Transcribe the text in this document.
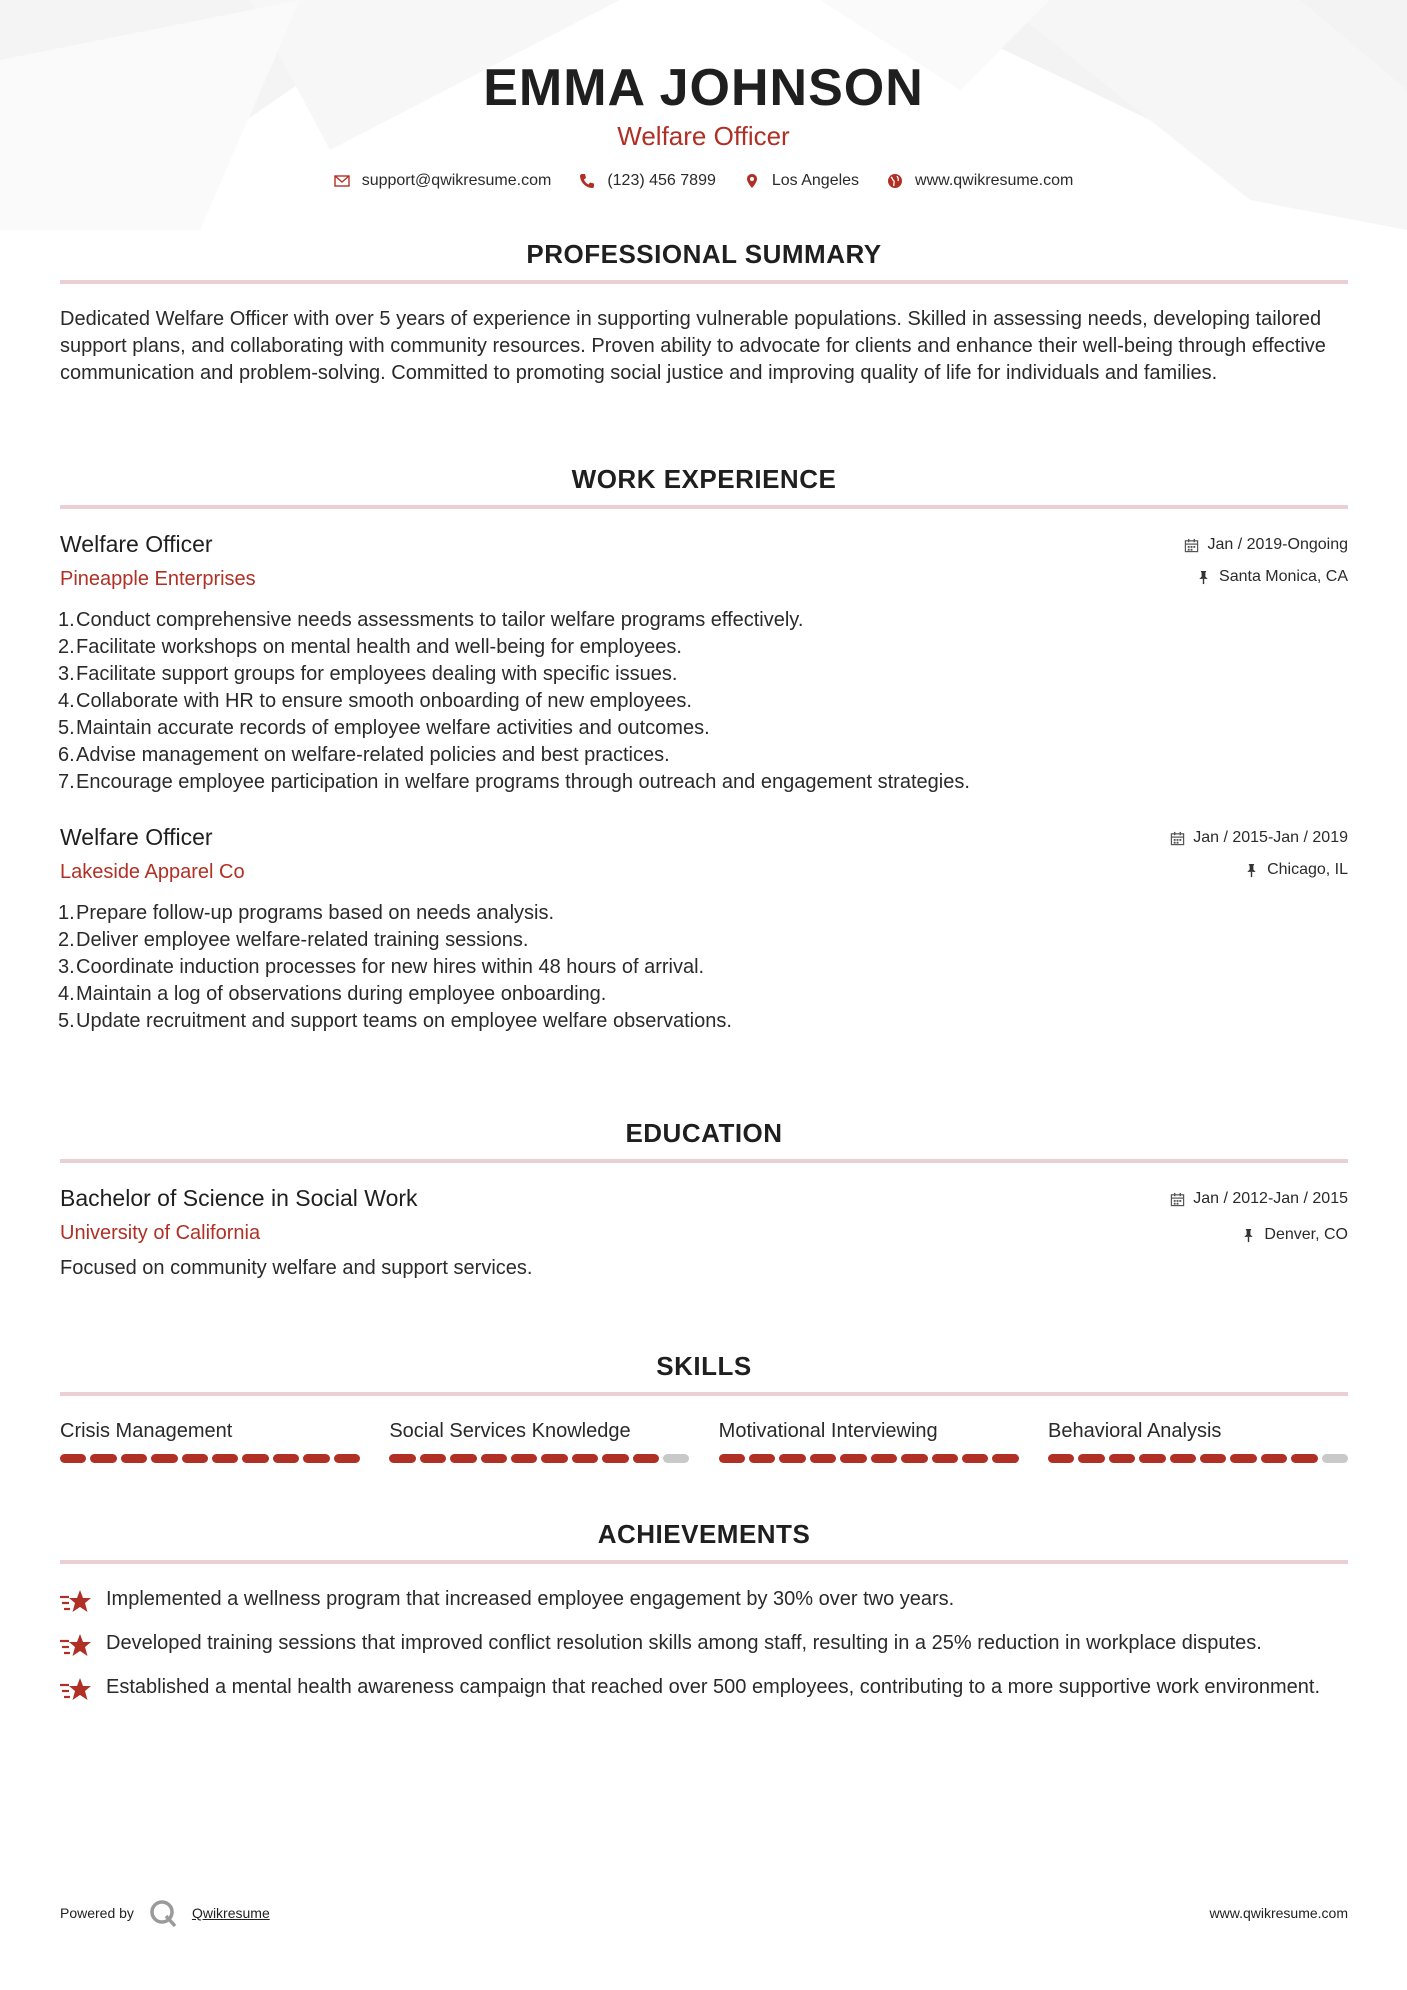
EMMA JOHNSON
Welfare Officer
support@qwikresume.com	(123) 456 7899	Los Angeles	www.qwikresume.com
PROFESSIONAL SUMMARY
Dedicated Welfare Officer with over 5 years of experience in supporting vulnerable populations. Skilled in assessing needs, developing tailored support plans, and collaborating with community resources. Proven ability to advocate for clients and enhance their well-being through effective communication and problem-solving. Committed to promoting social justice and improving quality of life for individuals and families.
WORK EXPERIENCE
Welfare Officer
Pineapple Enterprises
Jan / 2019-Ongoing
Santa Monica, CA
1. Conduct comprehensive needs assessments to tailor welfare programs effectively.
2. Facilitate workshops on mental health and well-being for employees.
3. Facilitate support groups for employees dealing with specific issues.
4. Collaborate with HR to ensure smooth onboarding of new employees.
5. Maintain accurate records of employee welfare activities and outcomes.
6. Advise management on welfare-related policies and best practices.
7. Encourage employee participation in welfare programs through outreach and engagement strategies.
Welfare Officer
Lakeside Apparel Co
Jan / 2015-Jan / 2019
Chicago, IL
1. Prepare follow-up programs based on needs analysis.
2. Deliver employee welfare-related training sessions.
3. Coordinate induction processes for new hires within 48 hours of arrival.
4. Maintain a log of observations during employee onboarding.
5. Update recruitment and support teams on employee welfare observations.
EDUCATION
Bachelor of Science in Social Work
University of California
Jan / 2012-Jan / 2015
Denver, CO
Focused on community welfare and support services.
SKILLS
Crisis Management	Social Services Knowledge	Motivational Interviewing	Behavioral Analysis
ACHIEVEMENTS
Implemented a wellness program that increased employee engagement by 30% over two years.
Developed training sessions that improved conflict resolution skills among staff, resulting in a 25% reduction in workplace disputes.
Established a mental health awareness campaign that reached over 500 employees, contributing to a more supportive work environment.
Powered by	Qwikresume	www.qwikresume.com
